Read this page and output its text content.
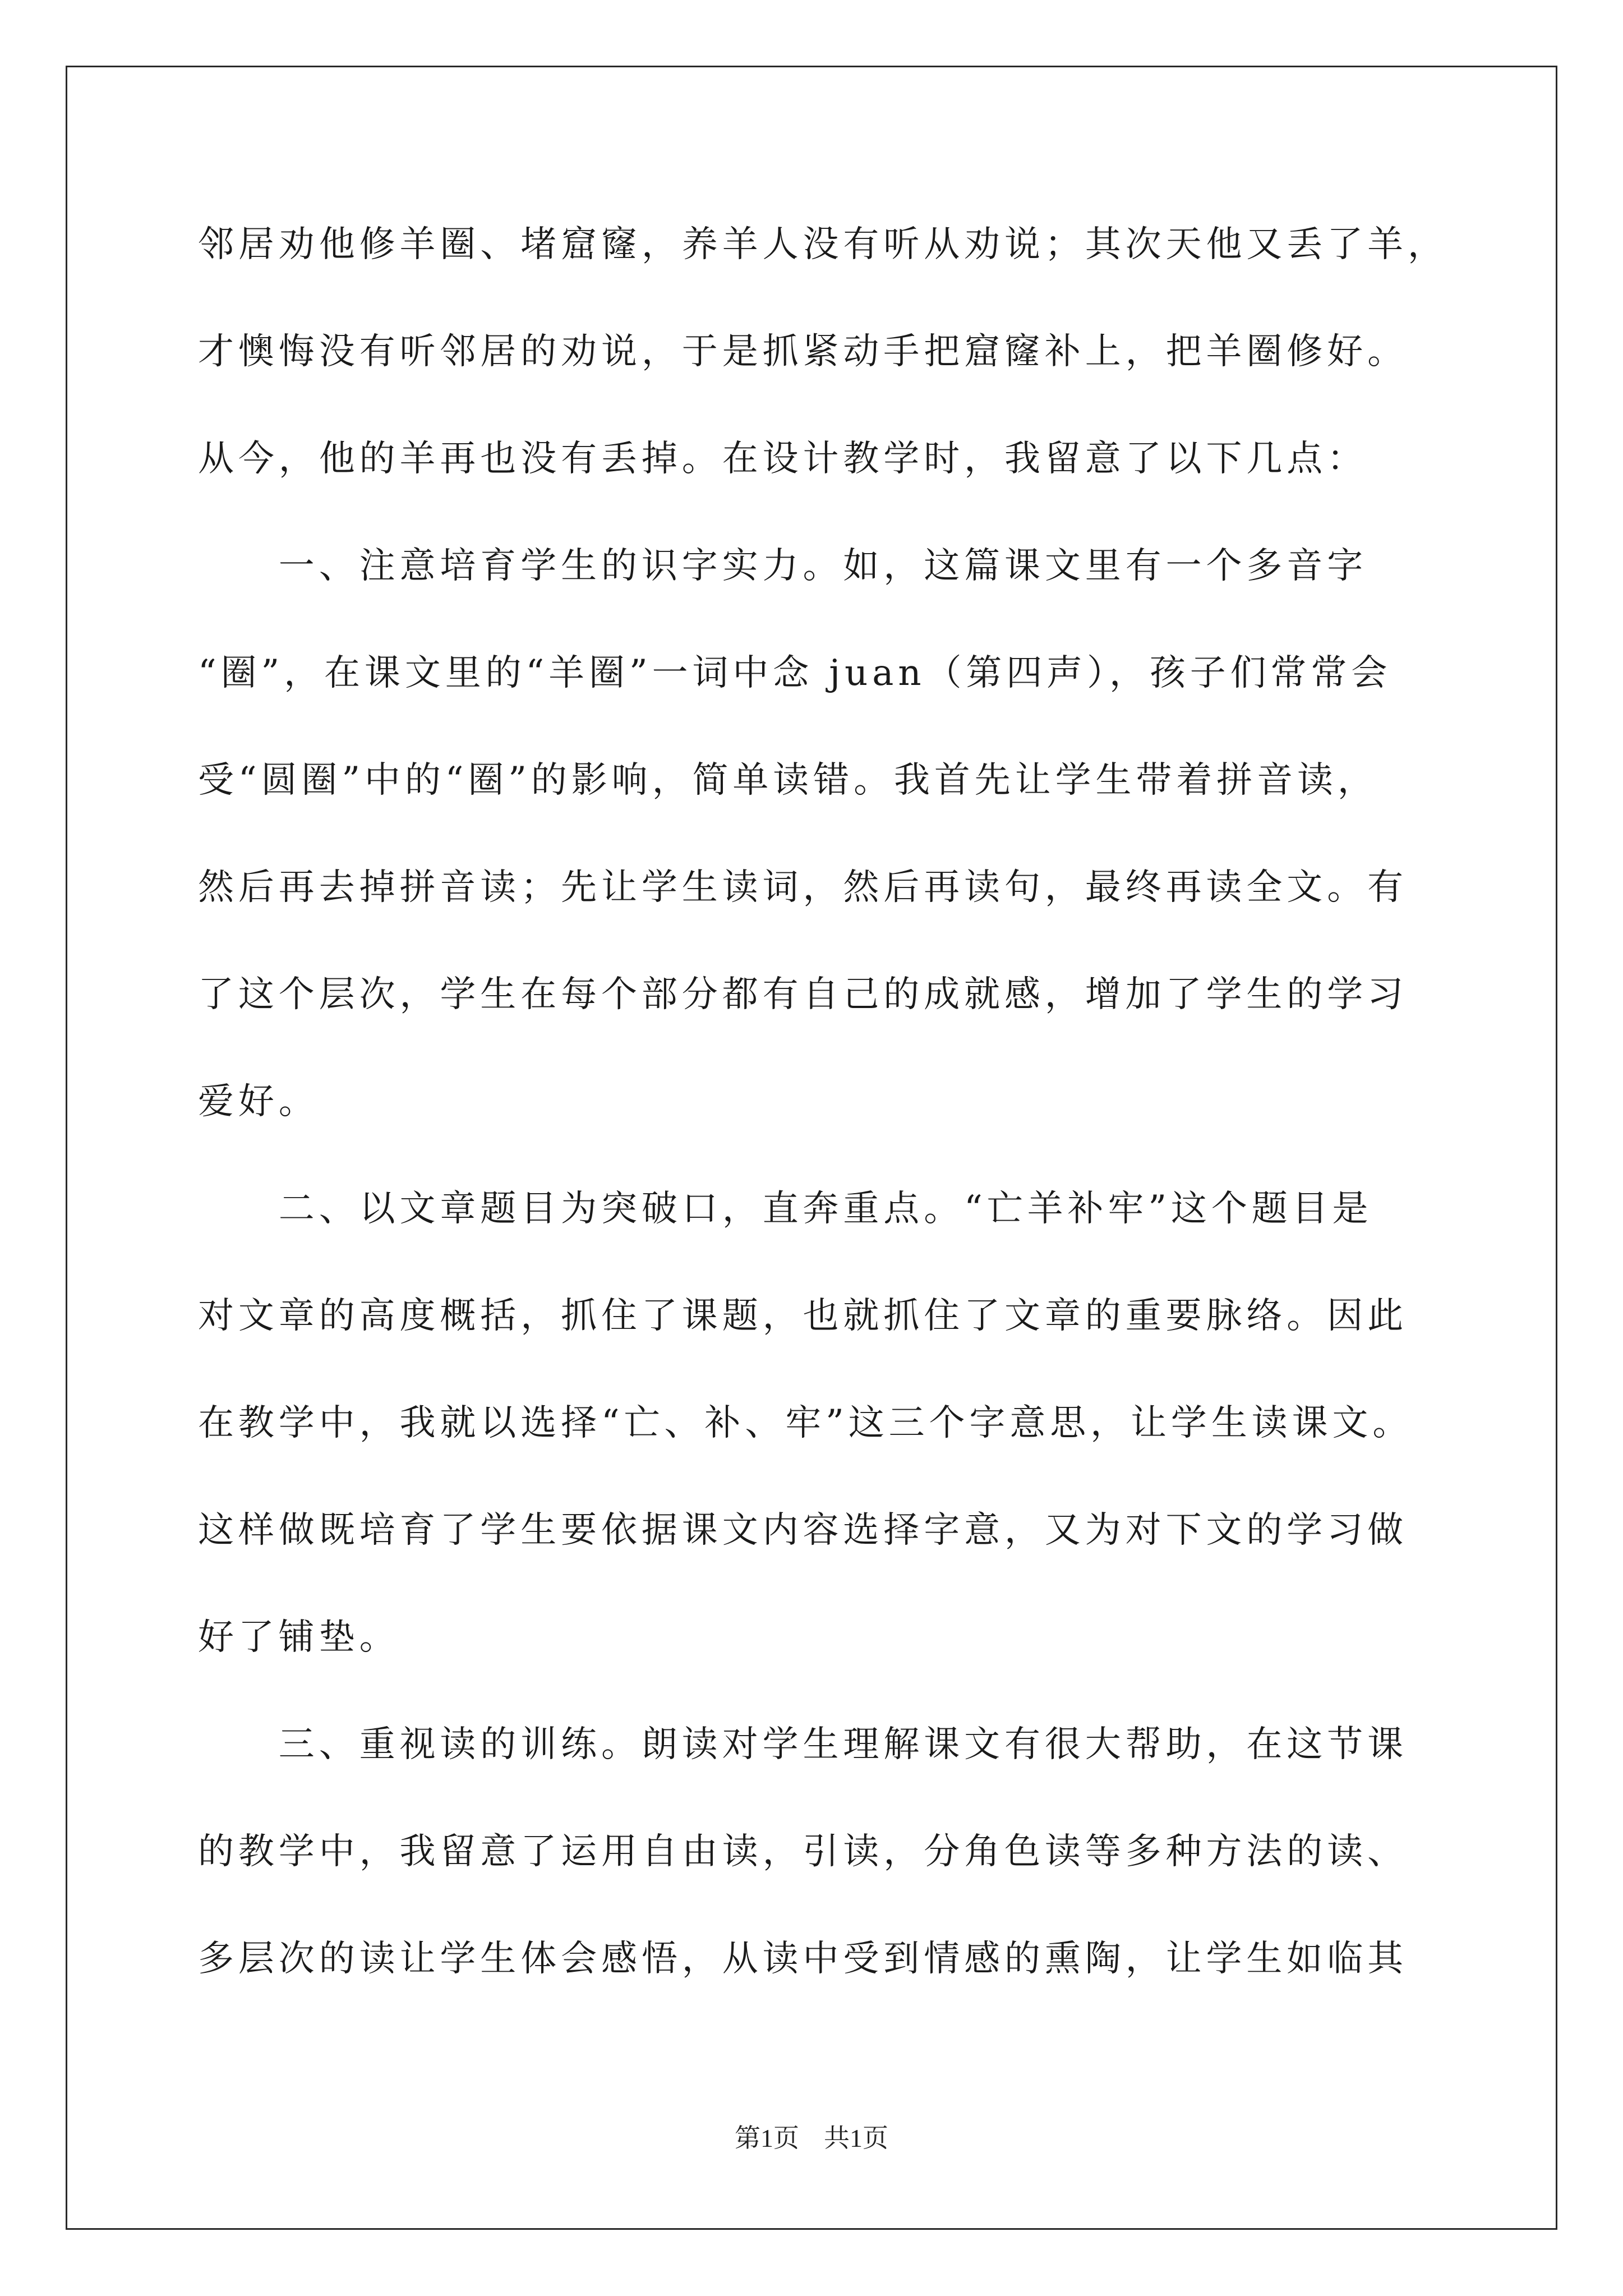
邻居劝他修羊圈、堵窟窿，养羊人没有听从劝说；其次天他又丢了羊，
才懊悔没有听邻居的劝说，于是抓紧动手把窟窿补上，把羊圈修好。
从今，他的羊再也没有丢掉。在设计教学时，我留意了以下几点：
　　一、注意培育学生的识字实力。如，这篇课文里有一个多音字
“圈”，在课文里的“羊圈”一词中念 juan（第四声），孩子们常常会
受“圆圈”中的“圈”的影响，简单读错。我首先让学生带着拼音读，
然后再去掉拼音读；先让学生读词，然后再读句，最终再读全文。有
了这个层次，学生在每个部分都有自己的成就感，增加了学生的学习
爱好。
　　二、以文章题目为突破口，直奔重点。“亡羊补牢”这个题目是
对文章的高度概括，抓住了课题，也就抓住了文章的重要脉络。因此
在教学中，我就以选择“亡、补、牢”这三个字意思，让学生读课文。
这样做既培育了学生要依据课文内容选择字意，又为对下文的学习做
好了铺垫。
　　三、重视读的训练。朗读对学生理解课文有很大帮助，在这节课
的教学中，我留意了运用自由读，引读，分角色读等多种方法的读、
多层次的读让学生体会感悟，从读中受到情感的熏陶，让学生如临其
第1页 共1页
